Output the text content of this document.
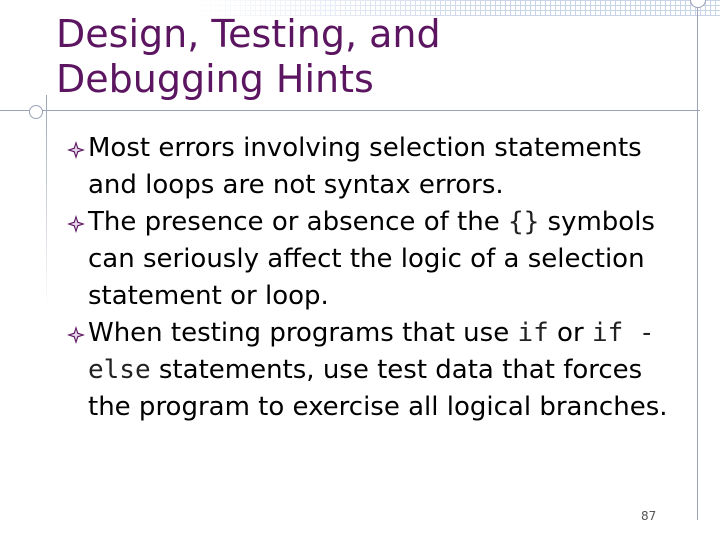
Design, Testing, and
Debugging Hints
Most errors involving selection statements and loops are not syntax errors.
The presence or absence of the {} symbols can seriously affect the logic of a selection statement or loop.
When testing programs that use if or if -else statements, use test data that forces the program to exercise all logical branches.
87
